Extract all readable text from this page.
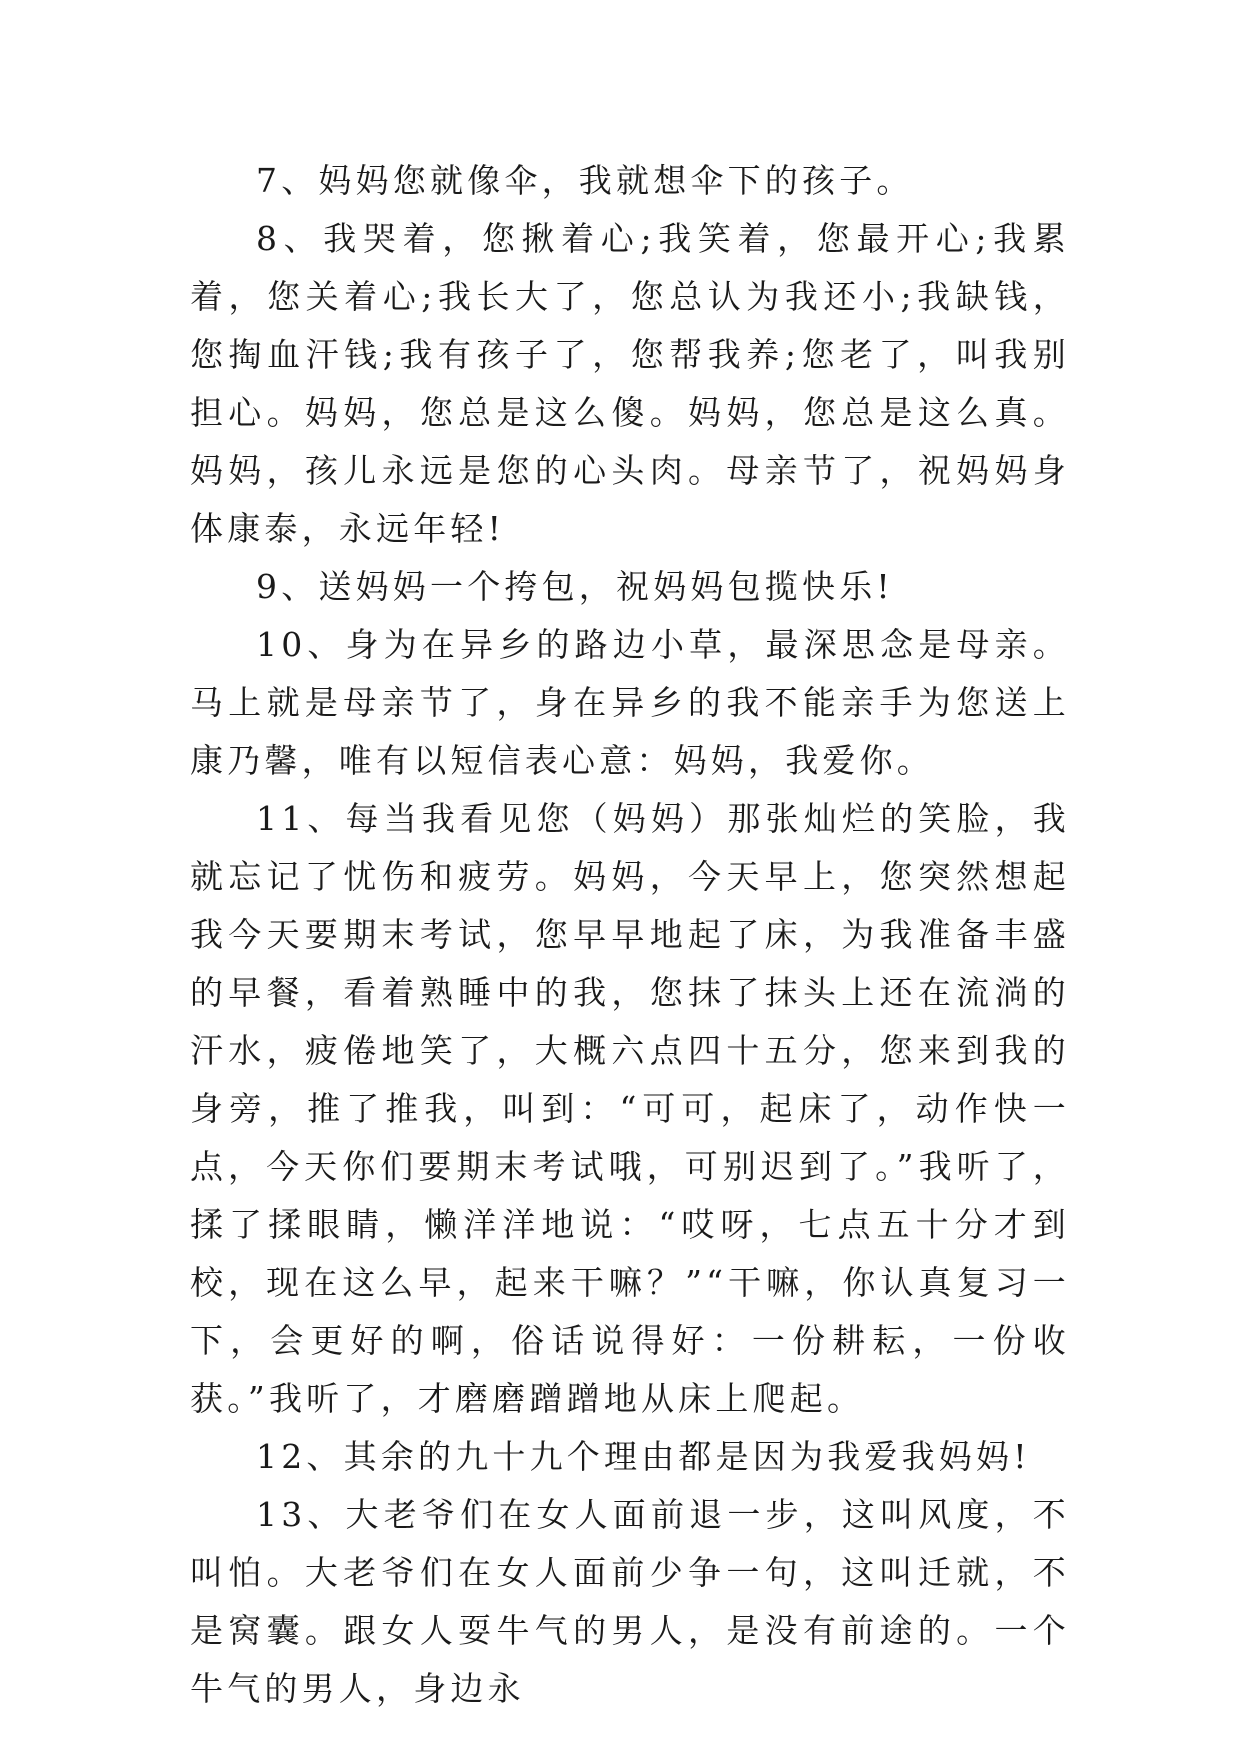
7、妈妈您就像伞，我就想伞下的孩子。

8、我哭着，您揪着心;我笑着，您最开心;我累着，您关着心;我长大了，您总认为我还小;我缺钱，您掏血汗钱;我有孩子了，您帮我养;您老了，叫我别担心。妈妈，您总是这么傻。妈妈，您总是这么真。妈妈，孩儿永远是您的心头肉。母亲节了，祝妈妈身体康泰，永远年轻!

9、送妈妈一个挎包，祝妈妈包揽快乐!

10、身为在异乡的路边小草，最深思念是母亲。马上就是母亲节了，身在异乡的我不能亲手为您送上康乃馨，唯有以短信表心意：妈妈，我爱你。

11、每当我看见您（妈妈）那张灿烂的笑脸，我就忘记了忧伤和疲劳。妈妈，今天早上，您突然想起我今天要期末考试，您早早地起了床，为我准备丰盛的早餐，看着熟睡中的我，您抹了抹头上还在流淌的汗水，疲倦地笑了，大概六点四十五分，您来到我的身旁，推了推我，叫到：“可可，起床了，动作快一点，今天你们要期末考试哦，可别迟到了。”我听了，揉了揉眼睛，懒洋洋地说：“哎呀，七点五十分才到校，现在这么早，起来干嘛？”“干嘛，你认真复习一下，会更好的啊，俗话说得好：一份耕耘，一份收获。”我听了，才磨磨蹭蹭地从床上爬起。

12、其余的九十九个理由都是因为我爱我妈妈!

13、大老爷们在女人面前退一步，这叫风度，不叫怕。大老爷们在女人面前少争一句，这叫迁就，不是窝囊。跟女人耍牛气的男人，是没有前途的。一个牛气的男人，身边永
